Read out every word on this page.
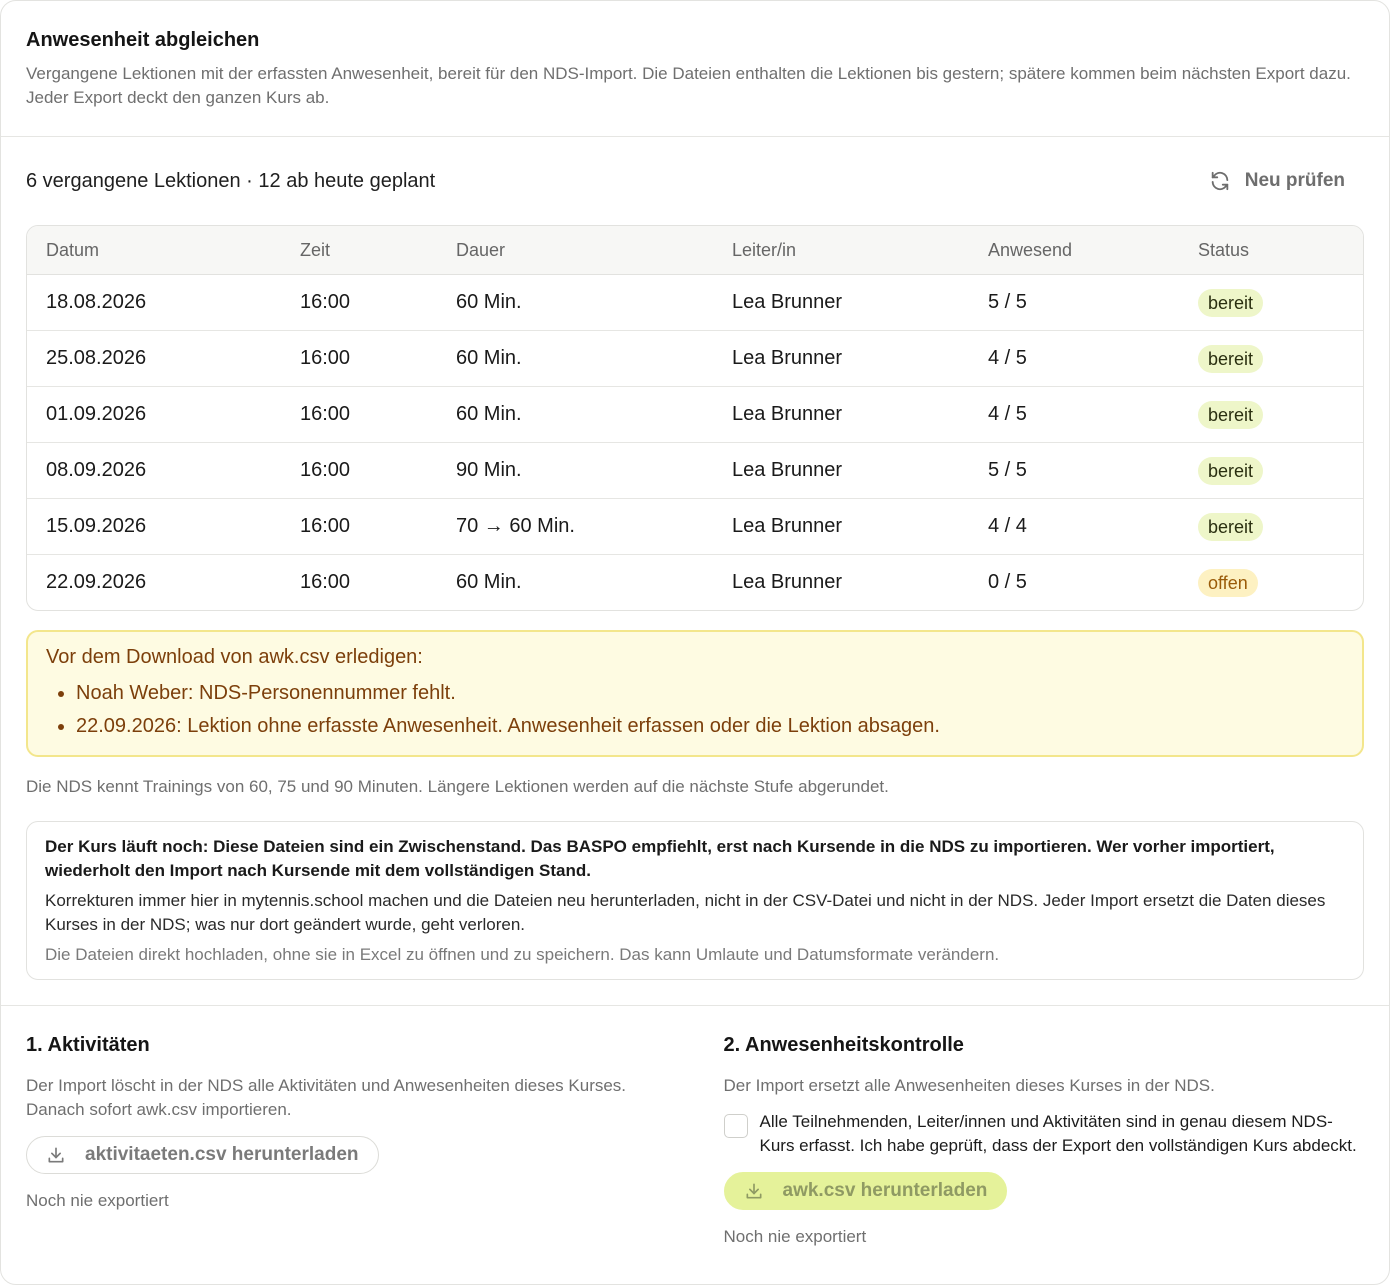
Anwesenheit abgleichen

Vergangene Lektionen mit der erfassten Anwesenheit, bereit für den NDS-Import. Die Dateien enthalten die Lektionen bis gestern; spätere kommen beim nächsten Export dazu. Jeder Export deckt den ganzen Kurs ab.

6 vergangene Lektionen · 12 ab heute geplant	Neu prüfen
Datum	Zeit	Dauer	Leiter/in	Anwesend	Status
18.08.2026	16:00	60 Min.	Lea Brunner	5 / 5	bereit
25.08.2026	16:00	60 Min.	Lea Brunner	4 / 5	bereit
01.09.2026	16:00	60 Min.	Lea Brunner	4 / 5	bereit
08.09.2026	16:00	90 Min.	Lea Brunner	5 / 5	bereit
15.09.2026	16:00	70 → 60 Min.	Lea Brunner	4 / 4	bereit
22.09.2026	16:00	60 Min.	Lea Brunner	0 / 5	offen

Vor dem Download von awk.csv erledigen:

• Noah Weber: NDS-Personennummer fehlt.
• 22.09.2026: Lektion ohne erfasste Anwesenheit. Anwesenheit erfassen oder die Lektion absagen.

Die NDS kennt Trainings von 60, 75 und 90 Minuten. Längere Lektionen werden auf die nächste Stufe abgerundet.

Der Kurs läuft noch: Diese Dateien sind ein Zwischenstand. Das BASPO empfiehlt, erst nach Kursende in die NDS zu importieren. Wer vorher importiert, wiederholt den Import nach Kursende mit dem vollständigen Stand.

Korrekturen immer hier in mytennis.school machen und die Dateien neu herunterladen, nicht in der CSV-Datei und nicht in der NDS. Jeder Import ersetzt die Daten dieses Kurses in der NDS; was nur dort geändert wurde, geht verloren.

Die Dateien direkt hochladen, ohne sie in Excel zu öffnen und zu speichern. Das kann Umlaute und Datumsformate verändern.

1. Aktivitäten

Der Import löscht in der NDS alle Aktivitäten und Anwesenheiten dieses Kurses. Danach sofort awk.csv importieren.

aktivitaeten.csv herunterladen
Noch nie exportiert
2. Anwesenheitskontrolle

Der Import ersetzt alle Anwesenheiten dieses Kurses in der NDS.

Alle Teilnehmenden, Leiter/innen und Aktivitäten sind in genau diesem NDS-Kurs erfasst. Ich habe geprüft, dass der Export den vollständigen Kurs abdeckt.
awk.csv herunterladen
Noch nie exportiert
